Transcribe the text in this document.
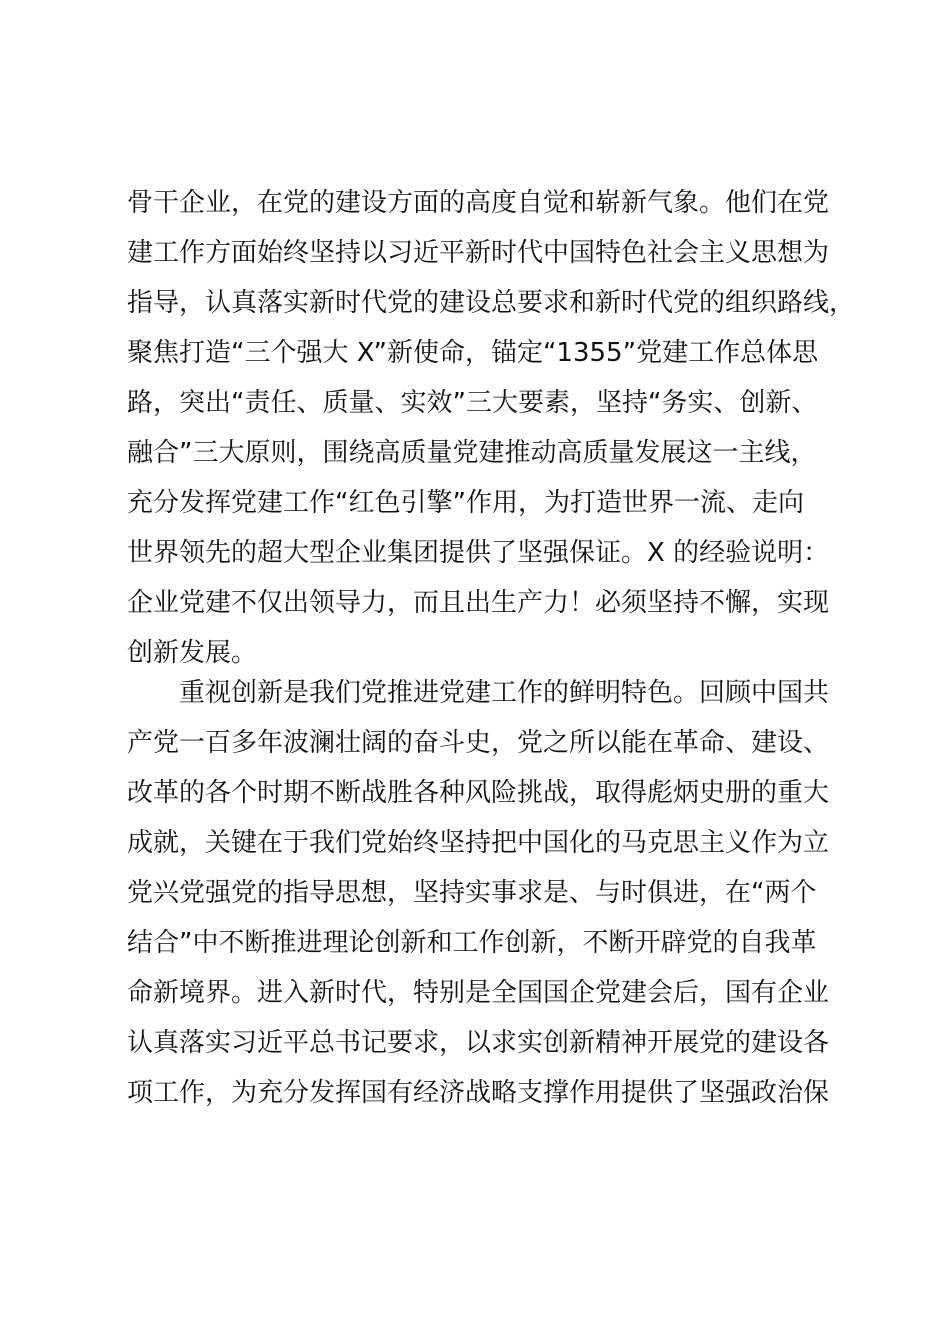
骨干企业，在党的建设方面的高度自觉和崭新气象。他们在党
建工作方面始终坚持以习近平新时代中国特色社会主义思想为
指导，认真落实新时代党的建设总要求和新时代党的组织路线，
聚焦打造“三个强大 X”新使命，锚定“1355”党建工作总体思
路，突出“责任、质量、实效”三大要素，坚持“务实、创新、
融合”三大原则，围绕高质量党建推动高质量发展这一主线，
充分发挥党建工作“红色引擎”作用，为打造世界一流、走向
世界领先的超大型企业集团提供了坚强保证。X 的经验说明：
企业党建不仅出领导力，而且出生产力！必须坚持不懈，实现
创新发展。
重视创新是我们党推进党建工作的鲜明特色。回顾中国共
产党一百多年波澜壮阔的奋斗史，党之所以能在革命、建设、
改革的各个时期不断战胜各种风险挑战，取得彪炳史册的重大
成就，关键在于我们党始终坚持把中国化的马克思主义作为立
党兴党强党的指导思想，坚持实事求是、与时俱进，在“两个
结合”中不断推进理论创新和工作创新，不断开辟党的自我革
命新境界。进入新时代，特别是全国国企党建会后，国有企业
认真落实习近平总书记要求，以求实创新精神开展党的建设各
项工作，为充分发挥国有经济战略支撑作用提供了坚强政治保
